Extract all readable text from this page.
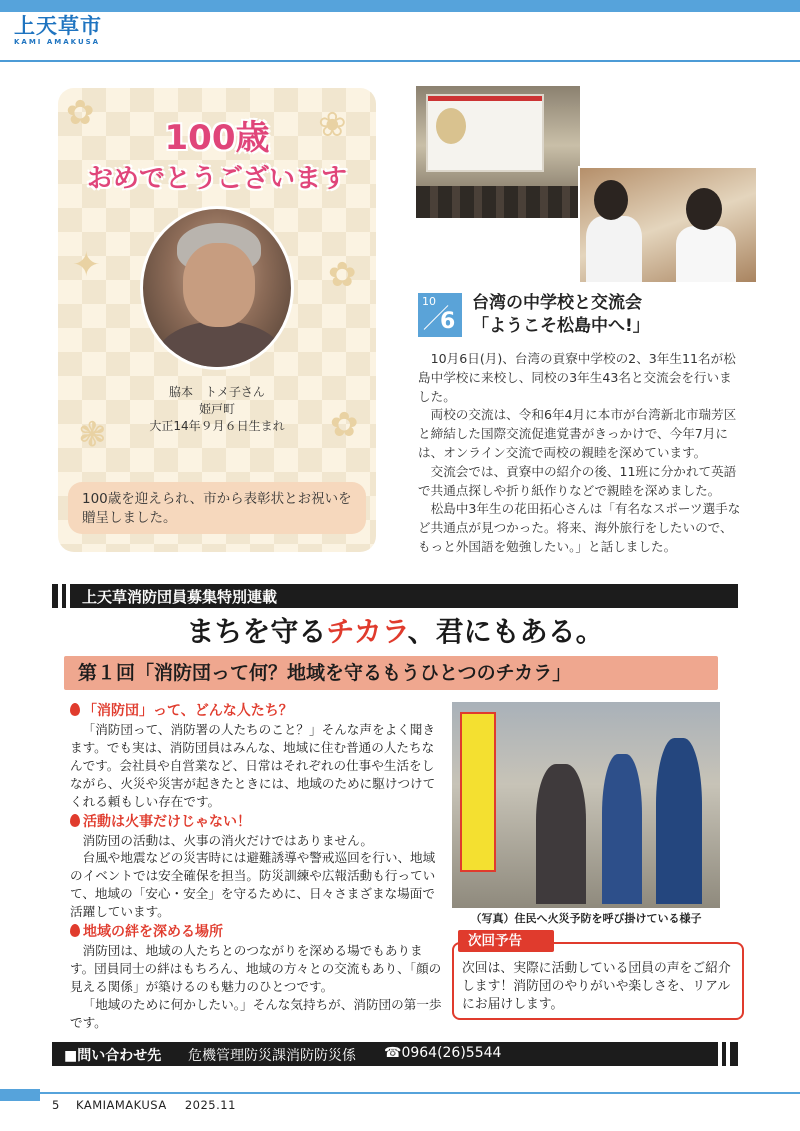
上天草市
KAMI AMAKUSA
✿	❀
✦	✿
❃	✿
100歳
おめでとうございます
脇本　トメ子さん
姫戸町
大正14年９月６日生まれ
100歳を迎えられ、市から表彰状とお祝いを贈呈しました。
10
6
台湾の中学校と交流会
「ようこそ松島中へ!」

10月6日(月)、台湾の貢寮中学校の2、3年生11名が松島中学校に来校し、同校の3年生43名と交流会を行いました。

両校の交流は、令和6年4月に本市が台湾新北市瑞芳区と締結した国際交流促進覚書がきっかけで、今年7月には、オンライン交流で両校の親睦を深めています。

交流会では、貢寮中の紹介の後、11班に分かれて英語で共通点探しや折り紙作りなどで親睦を深めました。

松島中3年生の花田拓心さんは「有名なスポーツ選手など共通点が見つかった。将来、海外旅行をしたいので、もっと外国語を勉強したい。」と話しました。

上天草消防団員募集特別連載
まちを守るチカラ、君にもある。
第１回「消防団って何？地域を守るもうひとつのチカラ」
「消防団」って、どんな人たち？

「消防団って、消防署の人たちのこと？」そんな声をよく聞きます。でも実は、消防団員はみんな、地域に住む普通の人たちなんです。会社員や自営業など、日常はそれぞれの仕事や生活をしながら、火災や災害が起きたときには、地域のために駆けつけてくれる頼もしい存在です。

活動は火事だけじゃない！

消防団の活動は、火事の消火だけではありません。

台風や地震などの災害時には避難誘導や警戒巡回を行い、地域のイベントでは安全確保を担当。防災訓練や広報活動も行っていて、地域の「安心・安全」を守るために、日々さまざまな場面で活躍しています。

地域の絆を深める場所

消防団は、地域の人たちとのつながりを深める場でもあります。団員同士の絆はもちろん、地域の方々との交流もあり、「顔の見える関係」が築けるのも魅力のひとつです。

「地域のために何かしたい。」そんな気持ちが、消防団の第一歩です。

（写真）住民へ火災予防を呼び掛けている様子
次回予告
次回は、実際に活動している団員の声をご紹介します！消防団のやりがいや楽しさを、リアルにお届けします。
■問い合わせ先 危機管理防災課消防防災係 ☎0964(26)5544
5 KAMIAMAKUSA 2025.11
